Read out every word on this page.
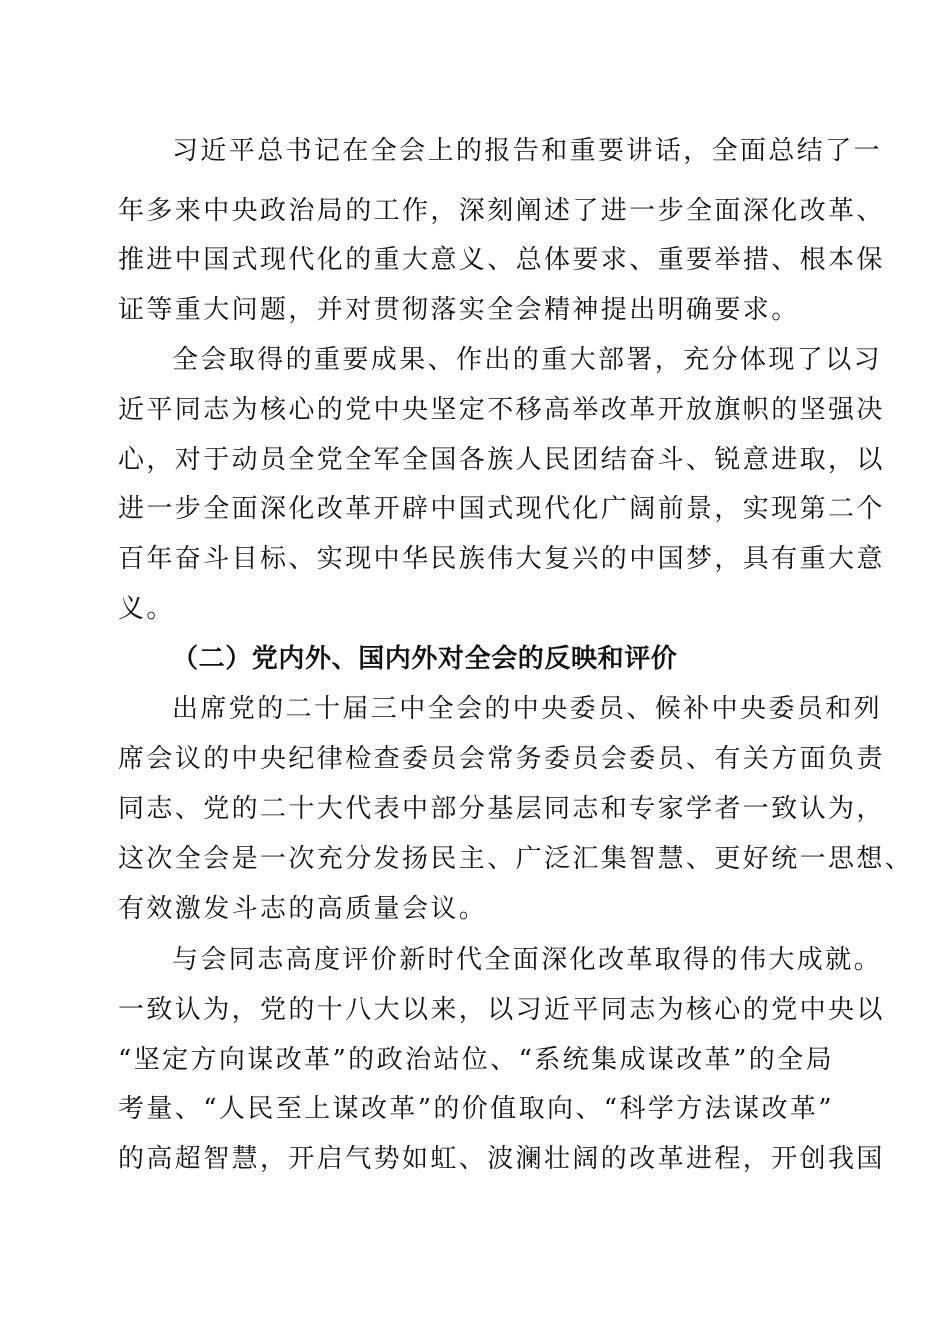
习近平总书记在全会上的报告和重要讲话，全面总结了一

年多来中央政治局的工作，深刻阐述了进一步全面深化改革、

推进中国式现代化的重大意义、总体要求、重要举措、根本保

证等重大问题，并对贯彻落实全会精神提出明确要求。

全会取得的重要成果、作出的重大部署，充分体现了以习

近平同志为核心的党中央坚定不移高举改革开放旗帜的坚强决

心，对于动员全党全军全国各族人民团结奋斗、锐意进取，以

进一步全面深化改革开辟中国式现代化广阔前景，实现第二个

百年奋斗目标、实现中华民族伟大复兴的中国梦，具有重大意

义。

（二）党内外、国内外对全会的反映和评价

出席党的二十届三中全会的中央委员、候补中央委员和列

席会议的中央纪律检查委员会常务委员会委员、有关方面负责

同志、党的二十大代表中部分基层同志和专家学者一致认为，

这次全会是一次充分发扬民主、广泛汇集智慧、更好统一思想、

有效激发斗志的高质量会议。

与会同志高度评价新时代全面深化改革取得的伟大成就。

一致认为，党的十八大以来，以习近平同志为核心的党中央以

“坚定方向谋改革”的政治站位、“系统集成谋改革”的全局

考量、“人民至上谋改革”的价值取向、“科学方法谋改革”

的高超智慧，开启气势如虹、波澜壮阔的改革进程，开创我国
